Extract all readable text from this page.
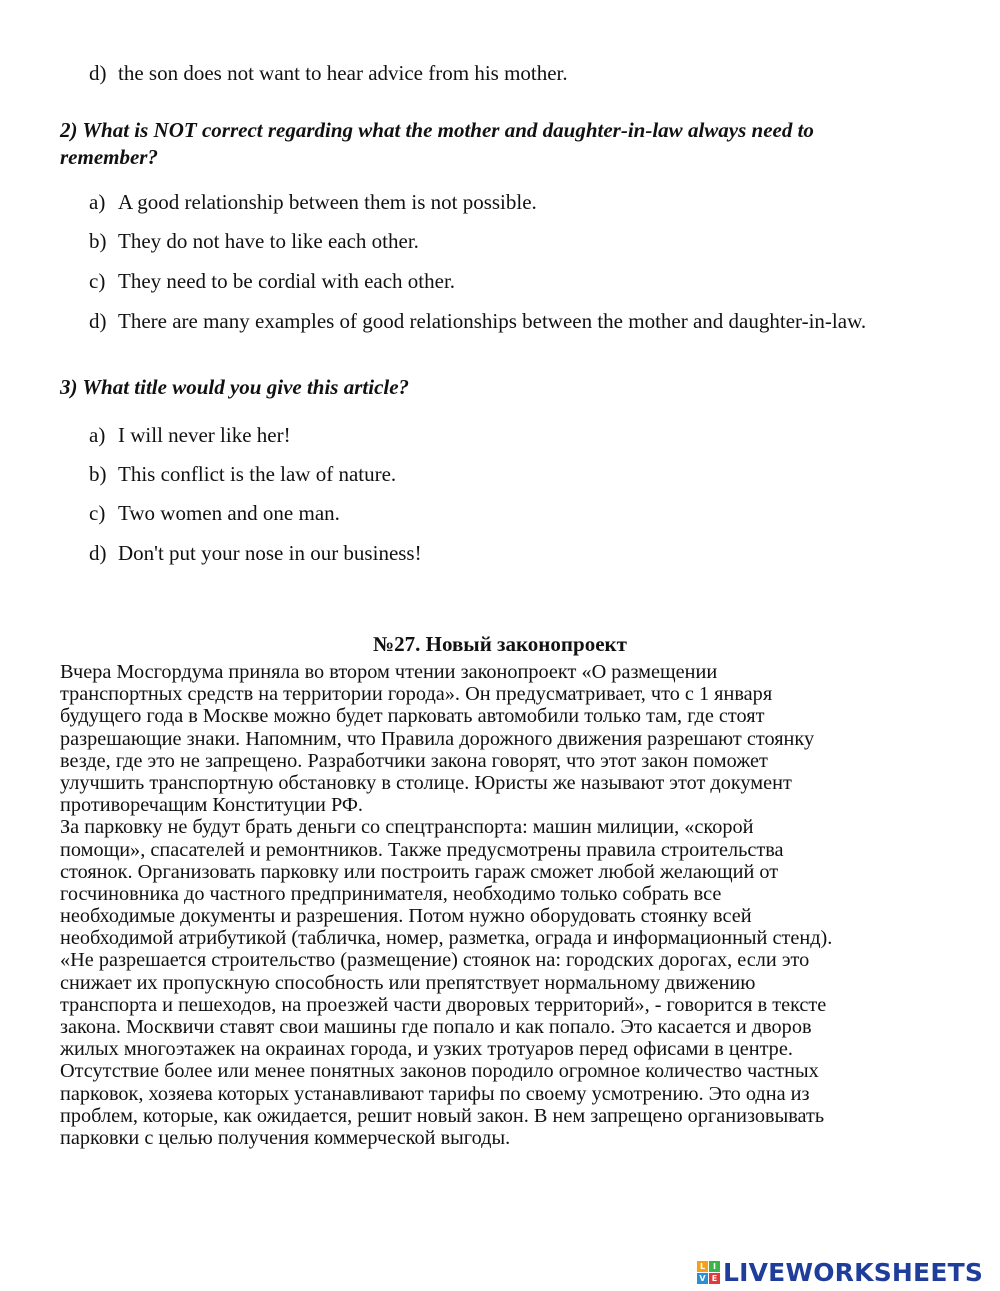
d) the son does not want to hear advice from his mother.
2) What is NOT correct regarding what the mother and daughter-in-law always need to
remember?
a) A good relationship between them is not possible.
b) They do not have to like each other.
c) They need to be cordial with each other.
d) There are many examples of good relationships between the mother and daughter-in-law.
3) What title would you give this article?
a) I will never like her!
b) This conflict is the law of nature.
c) Two women and one man.
d) Don't put your nose in our business!
№27. Новый законопроект
Вчера Мосгордума приняла во втором чтении законопроект «О размещении
транспортных средств на территории города». Он предусматривает, что с 1 января
будущего года в Москве можно будет парковать автомобили только там, где стоят
разрешающие знаки. Напомним, что Правила дорожного движения разрешают стоянку
везде, где это не запрещено. Разработчики закона говорят, что этот закон поможет
улучшить транспортную обстановку в столице. Юристы же называют этот документ
противоречащим Конституции РФ.
За парковку не будут брать деньги со спецтранспорта: машин милиции, «скорой
помощи», спасателей и ремонтников. Также предусмотрены правила строительства
стоянок. Организовать парковку или построить гараж сможет любой желающий от
госчиновника до частного предпринимателя, необходимо только собрать все
необходимые документы и разрешения. Потом нужно оборудовать стоянку всей
необходимой атрибутикой (табличка, номер, разметка, ограда и информационный стенд).
«Не разрешается строительство (размещение) стоянок на: городских дорогах, если это
снижает их пропускную способность или препятствует нормальному движению
транспорта и пешеходов, на проезжей части дворовых территорий», - говорится в тексте
закона. Москвичи ставят свои машины где попало и как попало. Это касается и дворов
жилых многоэтажек на окраинах города, и узких тротуаров перед офисами в центре.
Отсутствие более или менее понятных законов породило огромное количество частных
парковок, хозяева которых устанавливают тарифы по своему усмотрению. Это одна из
проблем, которые, как ожидается, решит новый закон. В нем запрещено организовывать
парковки с целью получения коммерческой выгоды.
L I
V E LIVEWORKSHEETS
